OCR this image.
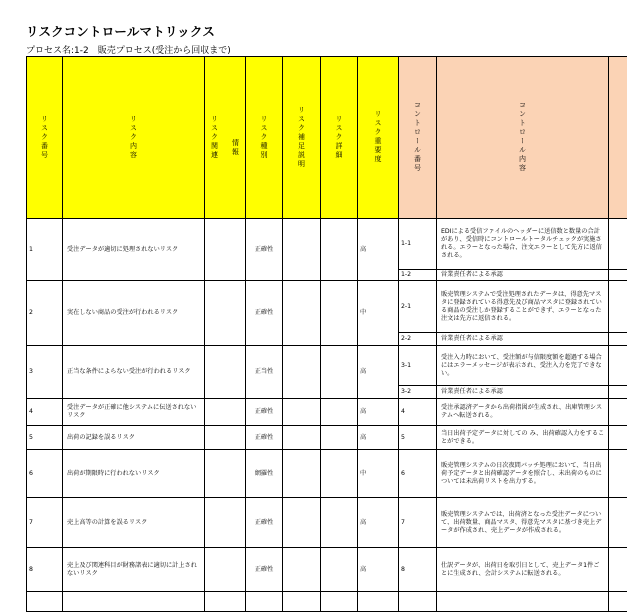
リスクコントロールマトリックス
プロセス名:1-2　販売プロセス(受注から回収まで)
リスク番号	リスク内容	リスク関連 情報	リスク種別	リスク補足説明	リスク詳細	リスク重要度	コントロール番号	コントロール内容	

1	受注データが適切に処理されないリスク		正確性			高	1-1	EDIによる受信ファイルのヘッダーに送信数と数量の合計があり、受信時にコントロールトータルチェックが実施される。エラーとなった場合、注文エラーとして先方に返信される。	
							1-2	営業責任者による承認	
2	実在しない商品の受注が行われるリスク		正確性			中	2-1	販売管理システムで受注処理されたデータは、得意先マスタに登録されている得意先及び商品マスタに登録されている商品の受注しか登録することができず、エラーとなった注文は先方に返信される。	
							2-2	営業責任者による承認	
3	正当な条件によらない受注が行われるリスク		正当性			高	3-1	受注入力時において、受注額が与信限度額を超過する場合にはエラーメッセージが表示され、受注入力を完了できない。	
							3-2	営業責任者による承認	
4	受注データが正確に他システムに伝送されないリスク		正確性			高	4	受注承認済データから出荷指図が生成され、出庫管理システムへ転送される。	
5	出荷の記録を誤るリスク		正確性			高	5	当日出荷予定データに対しての み、出荷確認入力をすることができる。	
6	出荷が期限時に行われないリスク		網羅性			中	6	販売管理システムの日次夜間バッチ処理において、当日出荷予定データと出荷確認データを照合し、未出荷のものについては未出荷リストを出力する。	
7	売上高等の計算を誤るリスク		正確性			高	7	販売管理システムでは、出荷済となった受注データについて、出荷数量、商品マスタ、得意先マスタに基づき売上データが作成され、売上データが作成される。	
8	売上及び関連科目が財務諸表に適切に計上されないリスク		正確性			高	8	仕訳データが、出荷日を取引日として、売上データ1件ごとに生成され、会計システムに転送される。	
